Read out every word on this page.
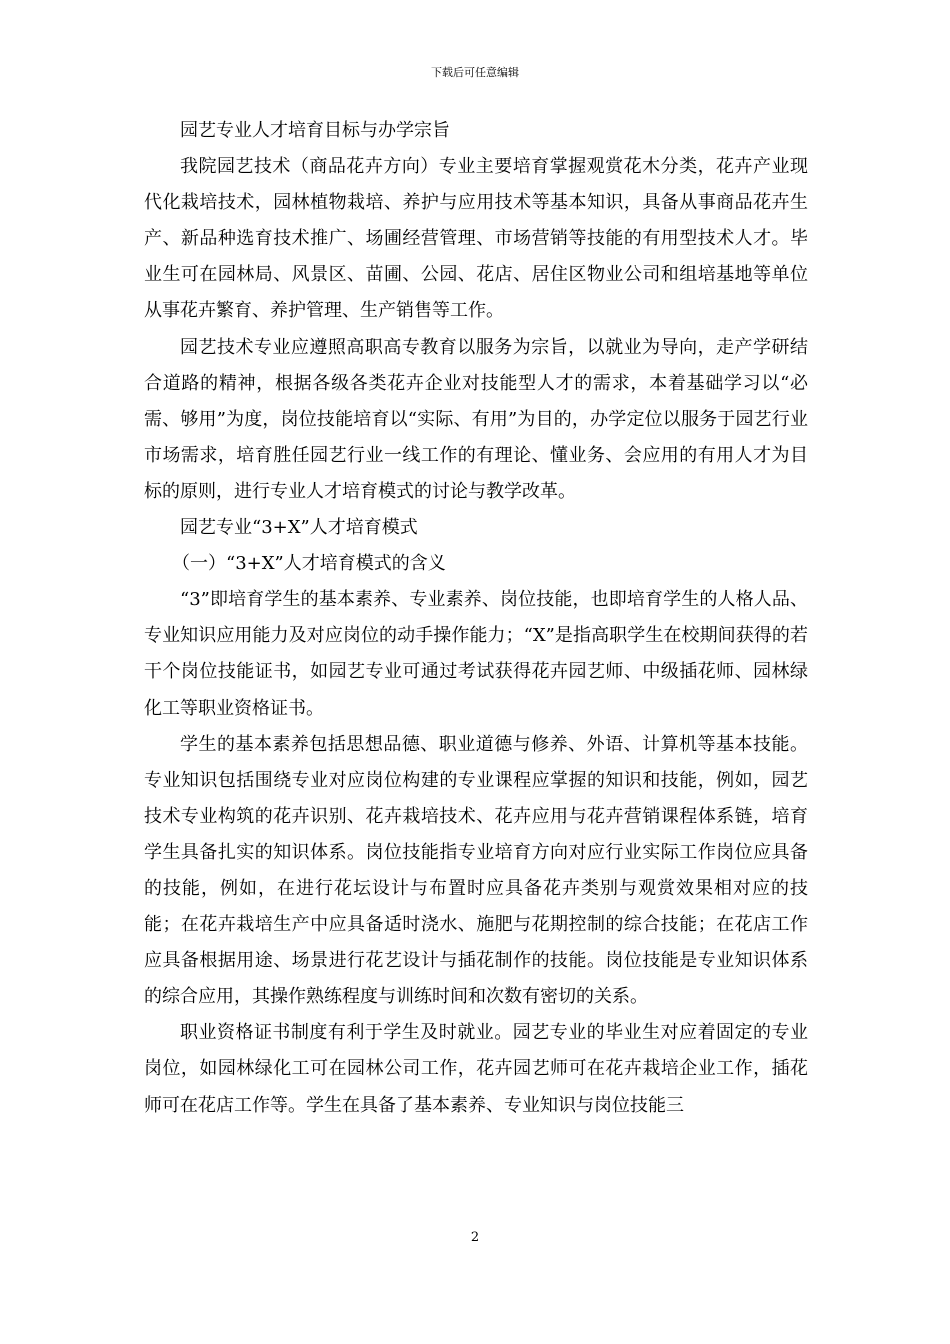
下载后可任意编辑

园艺专业人才培育目标与办学宗旨

我院园艺技术（商品花卉方向）专业主要培育掌握观赏花木分类，花卉产业现代化栽培技术，园林植物栽培、养护与应用技术等基本知识，具备从事商品花卉生产、新品种选育技术推广、场圃经营管理、市场营销等技能的有用型技术人才。毕业生可在园林局、风景区、苗圃、公园、花店、居住区物业公司和组培基地等单位从事花卉繁育、养护管理、生产销售等工作。

园艺技术专业应遵照高职高专教育以服务为宗旨，以就业为导向，走产学研结合道路的精神，根据各级各类花卉企业对技能型人才的需求，本着基础学习以“必需、够用”为度，岗位技能培育以“实际、有用”为目的，办学定位以服务于园艺行业市场需求，培育胜任园艺行业一线工作的有理论、懂业务、会应用的有用人才为目标的原则，进行专业人才培育模式的讨论与教学改革。

园艺专业“3+X”人才培育模式

（一）“3+X”人才培育模式的含义

“3”即培育学生的基本素养、专业素养、岗位技能，也即培育学生的人格人品、专业知识应用能力及对应岗位的动手操作能力；“X”是指高职学生在校期间获得的若干个岗位技能证书，如园艺专业可通过考试获得花卉园艺师、中级插花师、园林绿化工等职业资格证书。

学生的基本素养包括思想品德、职业道德与修养、外语、计算机等基本技能。专业知识包括围绕专业对应岗位构建的专业课程应掌握的知识和技能，例如，园艺技术专业构筑的花卉识别、花卉栽培技术、花卉应用与花卉营销课程体系链，培育学生具备扎实的知识体系。岗位技能指专业培育方向对应行业实际工作岗位应具备的技能，例如，在进行花坛设计与布置时应具备花卉类别与观赏效果相对应的技能；在花卉栽培生产中应具备适时浇水、施肥与花期控制的综合技能；在花店工作应具备根据用途、场景进行花艺设计与插花制作的技能。岗位技能是专业知识体系的综合应用，其操作熟练程度与训练时间和次数有密切的关系。

职业资格证书制度有利于学生及时就业。园艺专业的毕业生对应着固定的专业岗位，如园林绿化工可在园林公司工作，花卉园艺师可在花卉栽培企业工作，插花师可在花店工作等。学生在具备了基本素养、专业知识与岗位技能三

2
